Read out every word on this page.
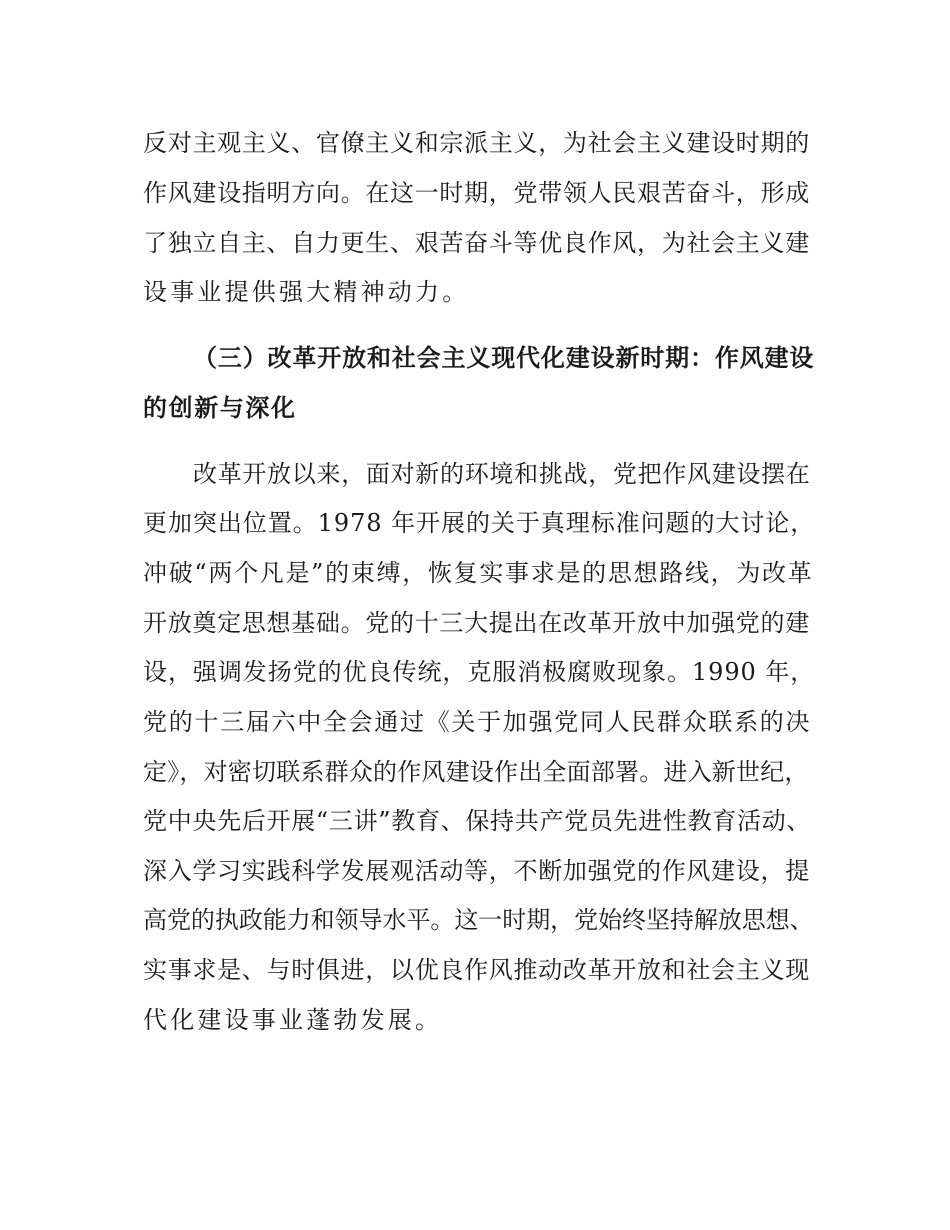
反对主观主义、官僚主义和宗派主义，为社会主义建设时期的
作风建设指明方向。在这一时期，党带领人民艰苦奋斗，形成
了独立自主、自力更生、艰苦奋斗等优良作风，为社会主义建
设事业提供强大精神动力。
（三）改革开放和社会主义现代化建设新时期：作风建设
的创新与深化
改革开放以来，面对新的环境和挑战，党把作风建设摆在
更加突出位置。1978 年开展的关于真理标准问题的大讨论，
冲破“两个凡是”的束缚，恢复实事求是的思想路线，为改革
开放奠定思想基础。党的十三大提出在改革开放中加强党的建
设，强调发扬党的优良传统，克服消极腐败现象。1990 年，
党的十三届六中全会通过《关于加强党同人民群众联系的决
定》，对密切联系群众的作风建设作出全面部署。进入新世纪，
党中央先后开展“三讲”教育、保持共产党员先进性教育活动、
深入学习实践科学发展观活动等，不断加强党的作风建设，提
高党的执政能力和领导水平。这一时期，党始终坚持解放思想、
实事求是、与时俱进，以优良作风推动改革开放和社会主义现
代化建设事业蓬勃发展。
